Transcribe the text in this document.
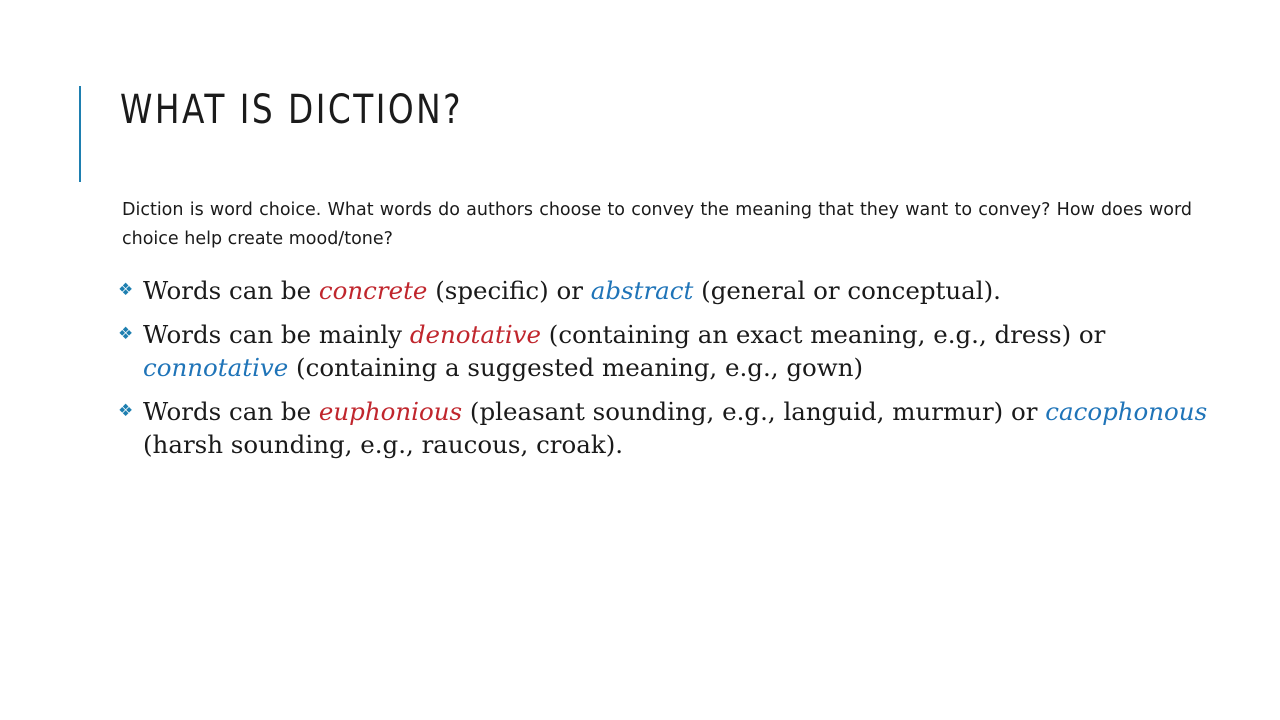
WHAT IS DICTION?
Diction is word choice. What words do authors choose to convey the meaning that they want to convey? How does word choice help create mood/tone?
❖ Words can be concrete (specific) or abstract (general or conceptual).
❖ Words can be mainly denotative (containing an exact meaning, e.g., dress) or connotative (containing a suggested meaning, e.g., gown)
❖ Words can be euphonious (pleasant sounding, e.g., languid, murmur) or cacophonous (harsh sounding, e.g., raucous, croak).
